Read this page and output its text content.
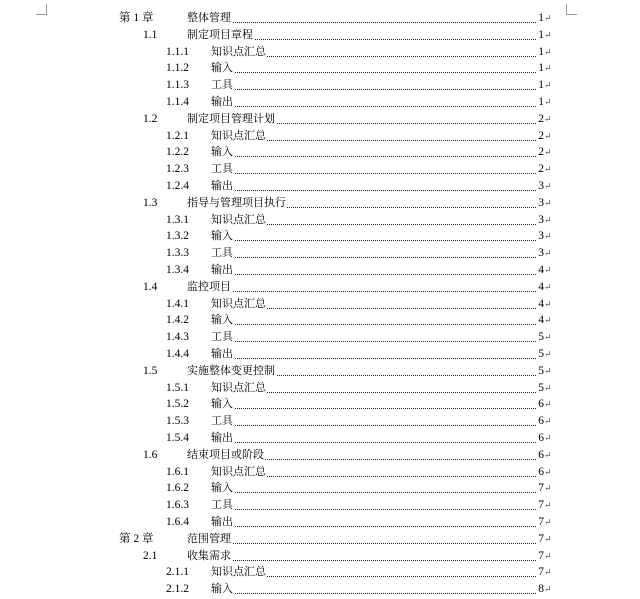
第 1 章	整体管理	1 ↵
1.1	制定项目章程	1 ↵
1.1.1 知识点汇总	1 ↵
1.1.2 输入	1 ↵
1.1.3 工具	1 ↵
1.1.4 输出	1 ↵
1.2	制定项目管理计划	2 ↵
1.2.1 知识点汇总	2 ↵
1.2.2 输入	2 ↵
1.2.3 工具	2 ↵
1.2.4 输出	3 ↵
1.3	指导与管理项目执行	3 ↵
1.3.1 知识点汇总	3 ↵
1.3.2 输入	3 ↵
1.3.3 工具	3 ↵
1.3.4 输出	4 ↵
1.4	监控项目	4 ↵
1.4.1 知识点汇总	4 ↵
1.4.2 输入	4 ↵
1.4.3 工具	5 ↵
1.4.4 输出	5 ↵
1.5	实施整体变更控制	5 ↵
1.5.1 知识点汇总	5 ↵
1.5.2 输入	6 ↵
1.5.3 工具	6 ↵
1.5.4 输出	6 ↵
1.6	结束项目或阶段	6 ↵
1.6.1 知识点汇总	6 ↵
1.6.2 输入	7 ↵
1.6.3 工具	7 ↵
1.6.4 输出	7 ↵
第 2 章	范围管理	7 ↵
2.1	收集需求	7 ↵
2.1.1 知识点汇总	7 ↵
2.1.2 输入	8 ↵
